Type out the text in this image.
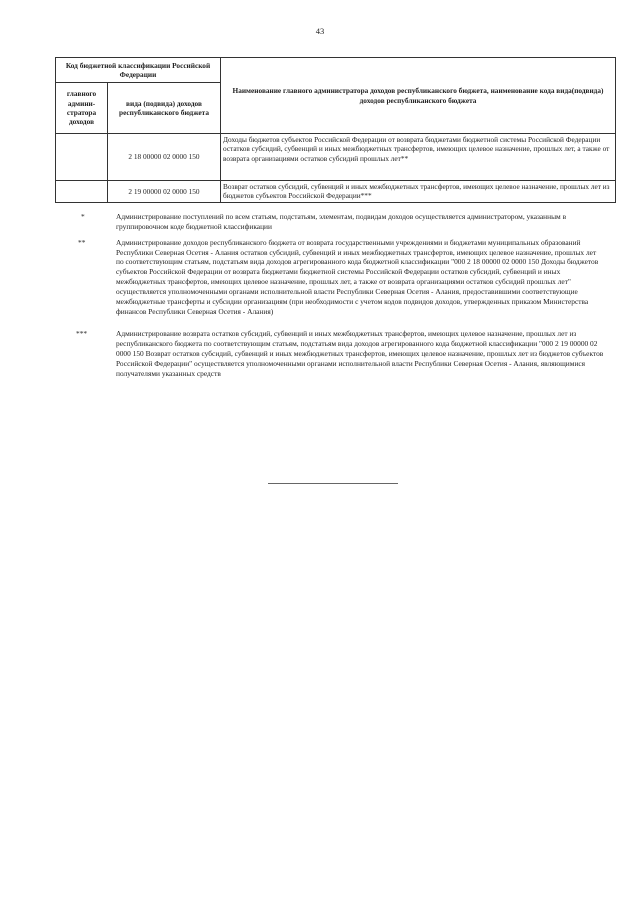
43
Код бюджетной классификации Российской Федерации		Наименование главного администратора доходов республиканского бюджета, наименование кода вида(подвида) доходов республиканского бюджета
главного админи-стратора доходов	вида (подвида) доходов республиканского бюджета	
	2 18 00000 02 0000 150	Доходы бюджетов субъектов Российской Федерации от возврата бюджетами бюджетной системы Российской Федерации остатков субсидий, субвенций и иных межбюджетных трансфертов, имеющих целевое назначение, прошлых лет, а также от возврата организациями остатков субсидий прошлых лет**
	2 19 00000 02 0000 150	Возврат остатков субсидий, субвенций и иных межбюджетных трансфертов, имеющих целевое назначение, прошлых лет из бюджетов субъектов Российской Федерации***
*	Администрирование поступлений по всем статьям, подстатьям, элементам, подвидам доходов осуществляется администратором, указанным в группировочном коде бюджетной классификации
**	Администрирование доходов республиканского бюджета от возврата государственными учреждениями и бюджетами муниципальных образований Республики Северная Осетия - Алания остатков субсидий, субвенций и иных межбюджетных трансфертов, имеющих целевое назначение, прошлых лет по соответствующим статьям, подстатьям вида доходов агрегированного кода бюджетной классификации "000 2 18 00000 02 0000 150 Доходы бюджетов субъектов Российской Федерации от возврата бюджетами бюджетной системы Российской Федерации остатков субсидий, субвенций и иных межбюджетных трансфертов, имеющих целевое назначение, прошлых лет, а также от возврата организациями остатков субсидий прошлых лет" осуществляется уполномоченными органами исполнительной власти Республики Северная Осетия - Алания, предоставившими соответствующие межбюджетные трансферты и субсидии организациям (при необходимости с учетом кодов подвидов доходов, утвержденных приказом Министерства финансов Республики Северная Осетия - Алания)
***	Администрирование возврата остатков субсидий, субвенций и иных межбюджетных трансфертов, имеющих целевое назначение, прошлых лет из республиканского бюджета по соответствующим статьям, подстатьям вида доходов агрегированного кода бюджетной классификации "000 2 19 00000 02 0000 150 Возврат остатков субсидий, субвенций и иных межбюджетных трансфертов, имеющих целевое назначение, прошлых лет из бюджетов субъектов Российской Федерации" осуществляется уполномоченными органами исполнительной власти Республики Северная Осетия - Алания, являющимися получателями указанных средств
